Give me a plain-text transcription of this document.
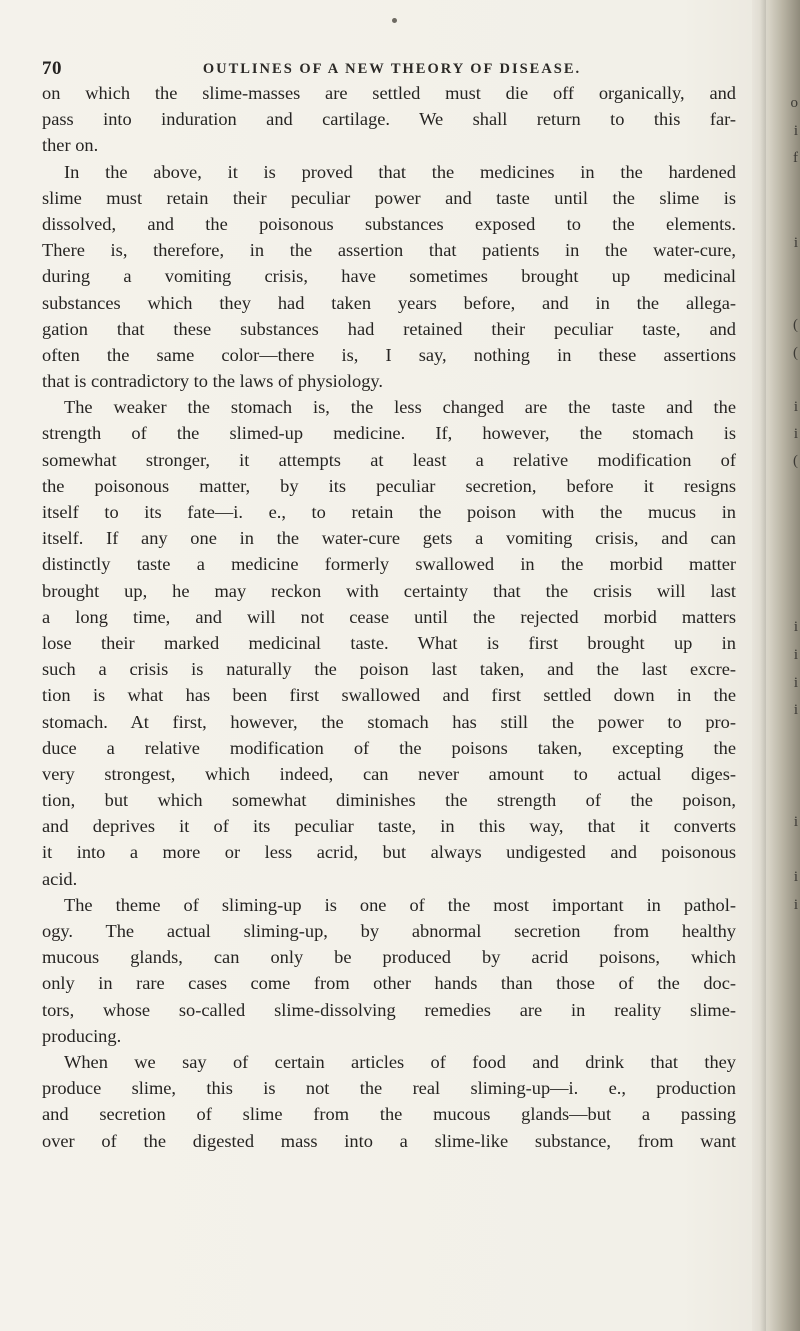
70	OUTLINES OF A NEW THEORY OF DISEASE.
on which the slime-masses are settled must die off organically, and
pass into induration and cartilage. We shall return to this far-
ther on.
In the above, it is proved that the medicines in the hardened
slime must retain their peculiar power and taste until the slime is
dissolved, and the poisonous substances exposed to the elements.
There is, therefore, in the assertion that patients in the water-cure,
during a vomiting crisis, have sometimes brought up medicinal
substances which they had taken years before, and in the allega-
gation that these substances had retained their peculiar taste, and
often the same color—there is, I say, nothing in these assertions
that is contradictory to the laws of physiology.
The weaker the stomach is, the less changed are the taste and the
strength of the slimed-up medicine. If, however, the stomach is
somewhat stronger, it attempts at least a relative modification of
the poisonous matter, by its peculiar secretion, before it resigns
itself to its fate—i. e., to retain the poison with the mucus in
itself. If any one in the water-cure gets a vomiting crisis, and can
distinctly taste a medicine formerly swallowed in the morbid matter
brought up, he may reckon with certainty that the crisis will last
a long time, and will not cease until the rejected morbid matters
lose their marked medicinal taste. What is first brought up in
such a crisis is naturally the poison last taken, and the last excre-
tion is what has been first swallowed and first settled down in the
stomach. At first, however, the stomach has still the power to pro-
duce a relative modification of the poisons taken, excepting the
very strongest, which indeed, can never amount to actual diges-
tion, but which somewhat diminishes the strength of the poison,
and deprives it of its peculiar taste, in this way, that it converts
it into a more or less acrid, but always undigested and poisonous
acid.
The theme of sliming-up is one of the most important in pathol-
ogy. The actual sliming-up, by abnormal secretion from healthy
mucous glands, can only be produced by acrid poisons, which
only in rare cases come from other hands than those of the doc-
tors, whose so-called slime-dissolving remedies are in reality slime-
producing.
When we say of certain articles of food and drink that they
produce slime, this is not the real sliming-up—i. e., production
and secretion of slime from the mucous glands—but a passing
over of the digested mass into a slime-like substance, from want
o
i
f
i
(
(
i
i
(
i
i
i
i
i
i
i
